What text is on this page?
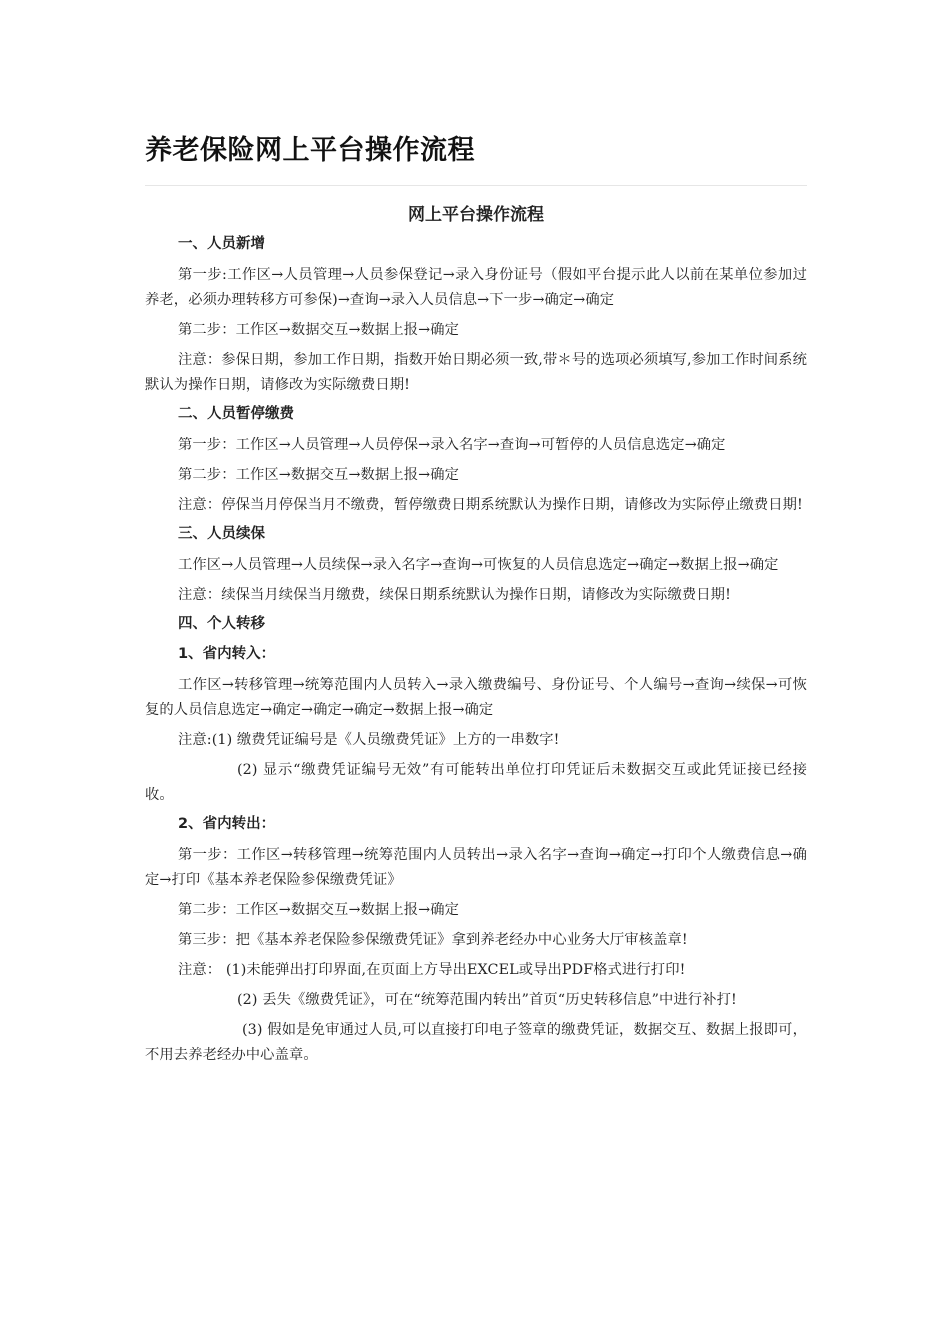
养老保险网上平台操作流程
网上平台操作流程
一、人员新增
第一步:工作区→人员管理→人员参保登记→录入身份证号（假如平台提示此人以前在某单位参加过养老，必须办理转移方可参保)→查询→录入人员信息→下一步→确定→确定
第二步：工作区→数据交互→数据上报→确定
注意：参保日期，参加工作日期，指数开始日期必须一致,带＊号的选项必须填写,参加工作时间系统默认为操作日期，请修改为实际缴费日期!
二、人员暂停缴费
第一步：工作区→人员管理→人员停保→录入名字→查询→可暂停的人员信息选定→确定
第二步：工作区→数据交互→数据上报→确定
注意：停保当月停保当月不缴费，暂停缴费日期系统默认为操作日期，请修改为实际停止缴费日期!
三、人员续保
工作区→人员管理→人员续保→录入名字→查询→可恢复的人员信息选定→确定→数据上报→确定
注意：续保当月续保当月缴费，续保日期系统默认为操作日期，请修改为实际缴费日期!
四、个人转移
1、省内转入：
工作区→转移管理→统筹范围内人员转入→录入缴费编号、身份证号、个人编号→查询→续保→可恢复的人员信息选定→确定→确定→确定→数据上报→确定
注意:(1) 缴费凭证编号是《人员缴费凭证》上方的一串数字!
(2) 显示“缴费凭证编号无效”有可能转出单位打印凭证后未数据交互或此凭证接已经接收。
2、省内转出：
第一步：工作区→转移管理→统筹范围内人员转出→录入名字→查询→确定→打印个人缴费信息→确定→打印《基本养老保险参保缴费凭证》
第二步：工作区→数据交互→数据上报→确定
第三步：把《基本养老保险参保缴费凭证》拿到养老经办中心业务大厅审核盖章!
注意： (1)未能弹出打印界面,在页面上方导出EXCEL或导出PDF格式进行打印!
(2) 丢失《缴费凭证》，可在“统筹范围内转出”首页“历史转移信息”中进行补打!
(3) 假如是免审通过人员,可以直接打印电子签章的缴费凭证，数据交互、数据上报即可，不用去养老经办中心盖章。
